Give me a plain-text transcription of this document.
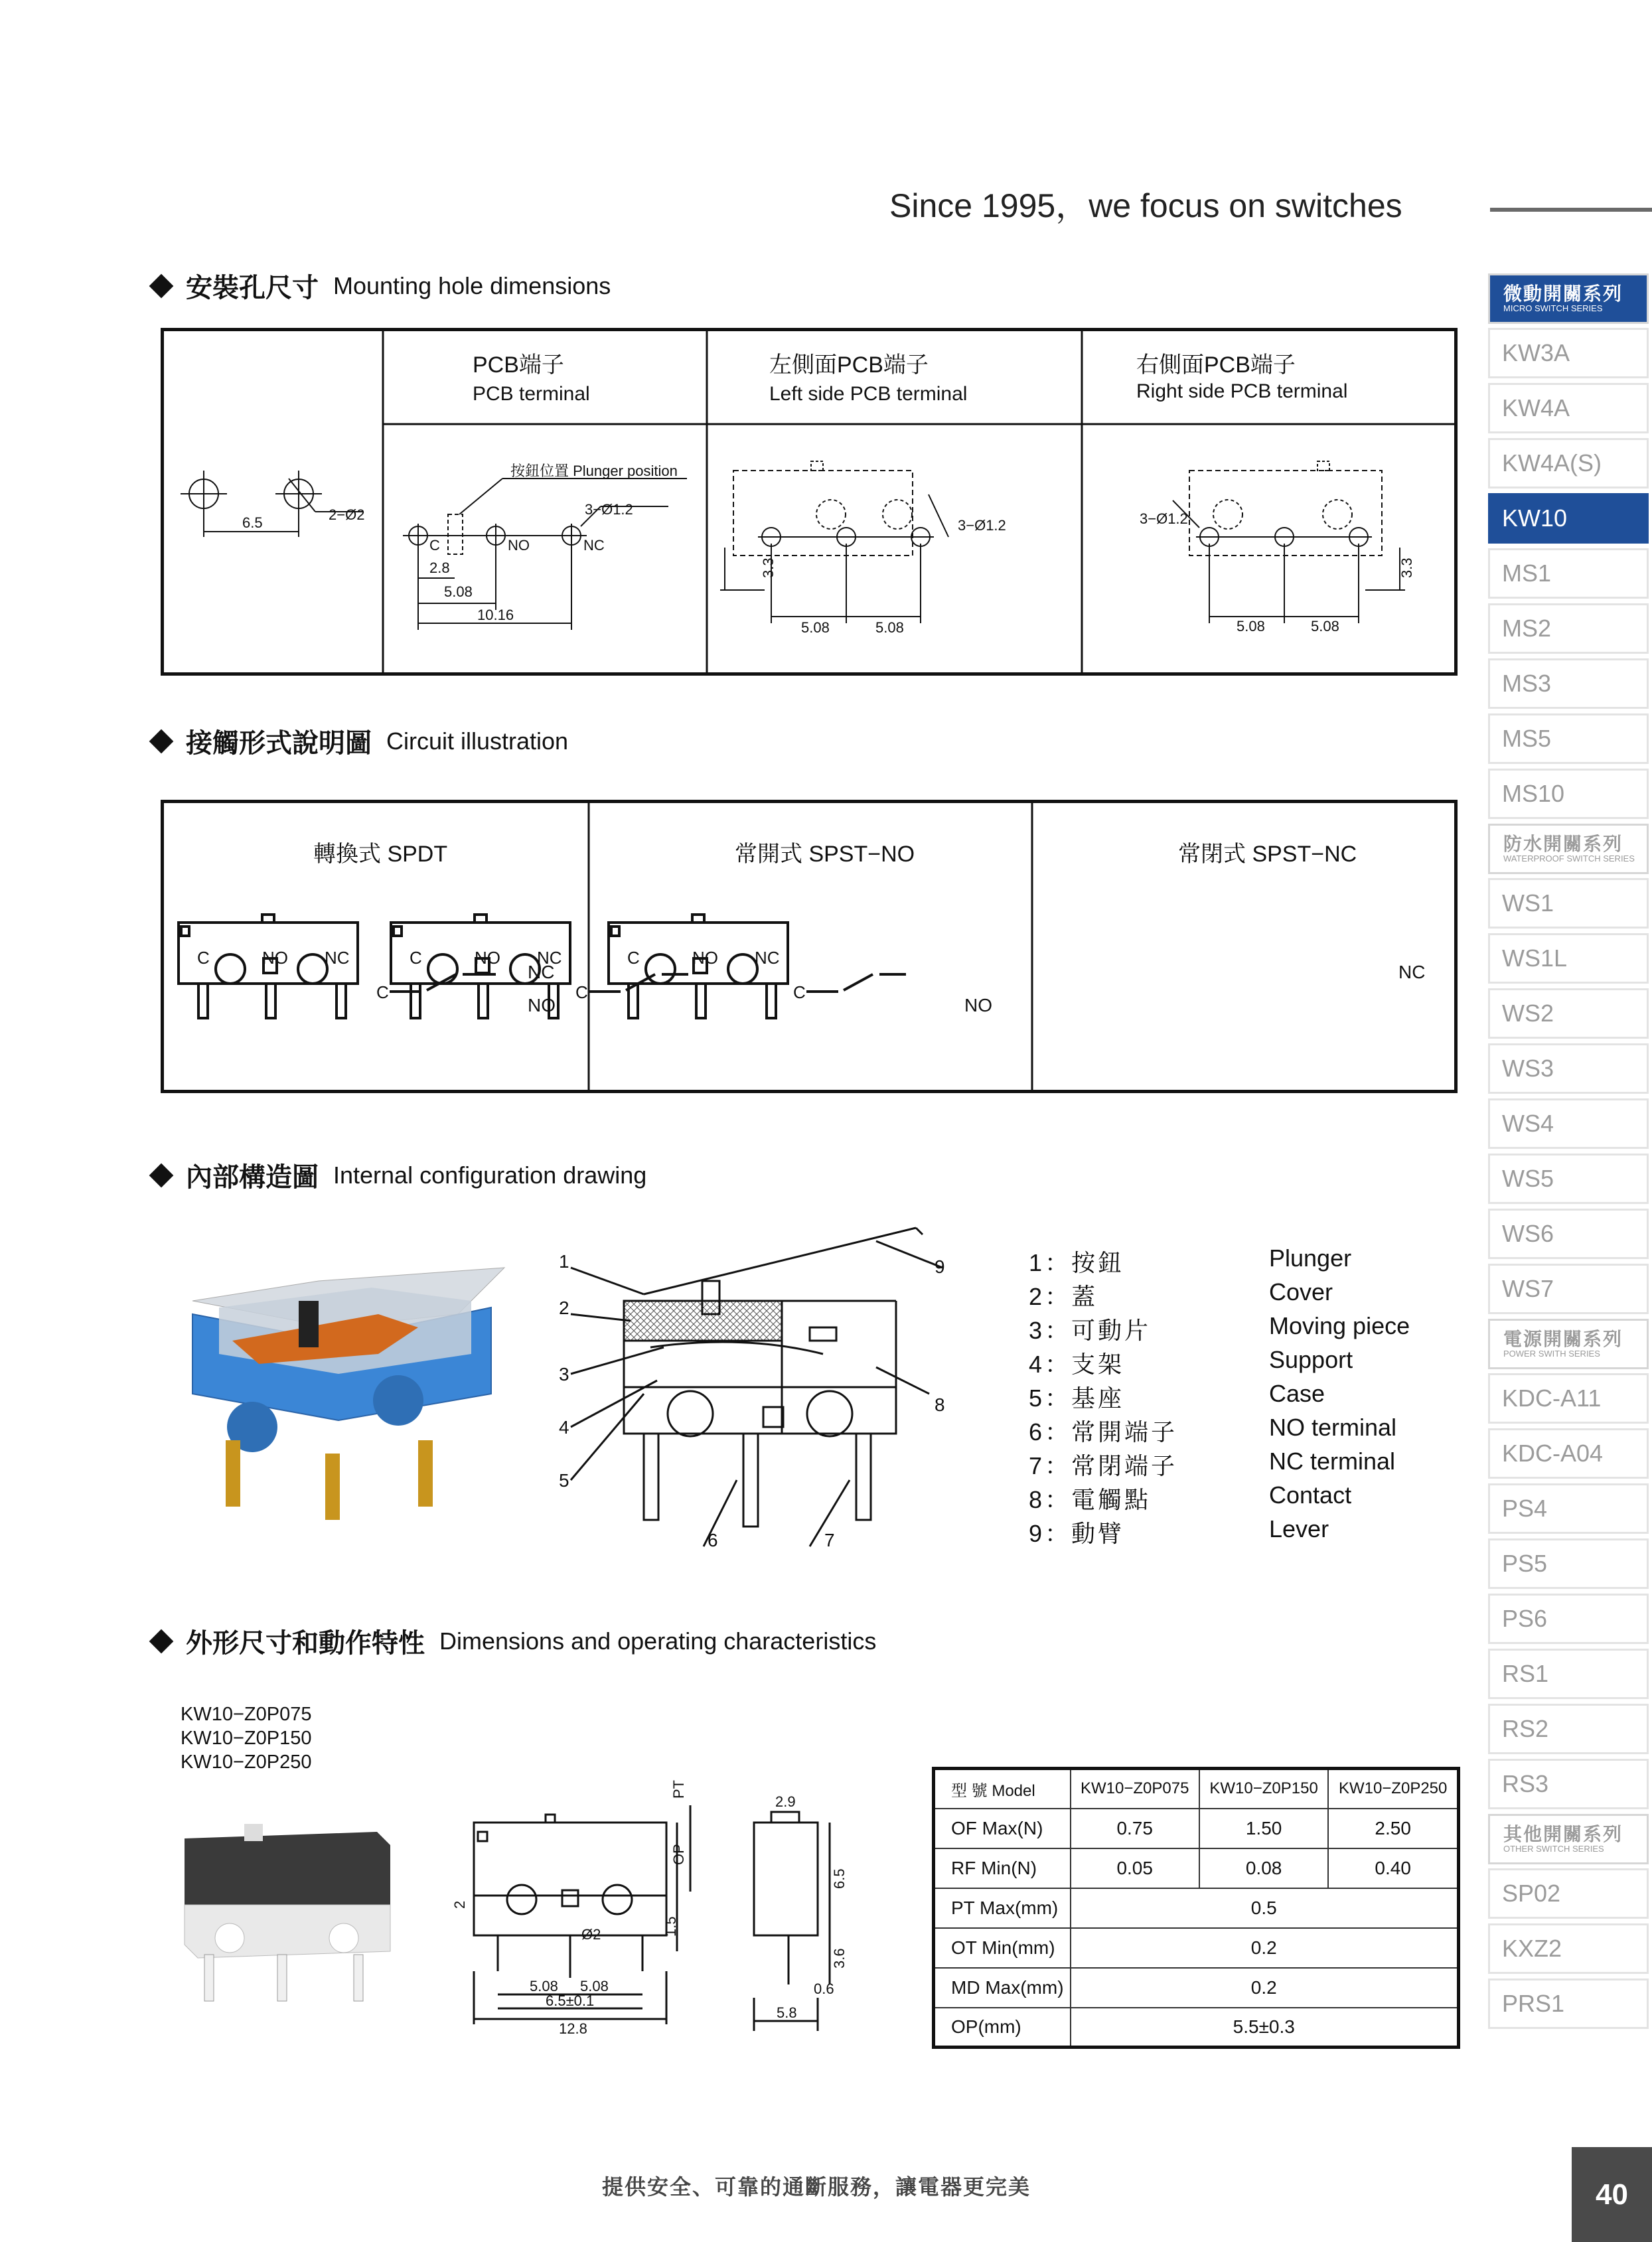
Since 1995，we focus on switches
微動開關系列
MICRO SWITCH SERIES
KW3A
KW4A
KW4A(S)
KW10
MS1
MS2
MS3
MS5
MS10
防水開關系列
WATERPROOF SWITCH SERIES
WS1
WS1L
WS2
WS3
WS4
WS5
WS6
WS7
電源開關系列
POWER SWITH SERIES
KDC-A11
KDC-A04
PS4
PS5
PS6
RS1
RS2
RS3
其他開關系列
OTHER SWITCH SERIES
SP02
KXZ2
PRS1
安裝孔尺寸 Mounting hole dimensions
6.5	2−Ø2
按鈕位置 Plunger position
3−Ø1.2
C	NO	NC
2.8
5.08
10.16
3−Ø1.2
5.08	5.08
3−Ø1.2
5.08	5.08
3.3	3.3
PCB端子
PCB terminal
左側面PCB端子
Left side PCB terminal
右側面PCB端子
Right side PCB terminal
接觸形式說明圖 Circuit illustration
C	NO NC
C
C	NO NC
C
C	NO NC
C
轉換式 SPDT	常開式 SPST−NO	常閉式 SPST−NC
NC
NO	NO
NC
內部構造圖 Internal configuration drawing
1
2
3
4
5
6	7
8
9	1：按鈕	Plunger
2：蓋	Cover
3：可動片	Moving piece
4：支架	Support
5：基座	Case
6：常開端子	NO terminal
7：常閉端子	NC terminal
8：電觸點	Contact
9：動臂	Lever
外形尺寸和動作特性 Dimensions and operating characteristics
KW10−Z0P075
KW10−Z0P150
KW10−Z0P250
PT
OP
2
1.5
Ø2
5.08 5.08
6.5±0.1
12.8
2.9
6.5
3.6
0.6
5.8
型 號 Model	KW10−Z0P075	KW10−Z0P150	KW10−Z0P250
OF Max(N)	0.75	1.50	2.50
RF Min(N)	0.05	0.08	0.40
PT Max(mm)	0.5		
OT Min(mm)	0.2		
MD Max(mm)	0.2		
OP(mm)	5.5±0.3		
提供安全、可靠的通斷服務，讓電器更完美	40
